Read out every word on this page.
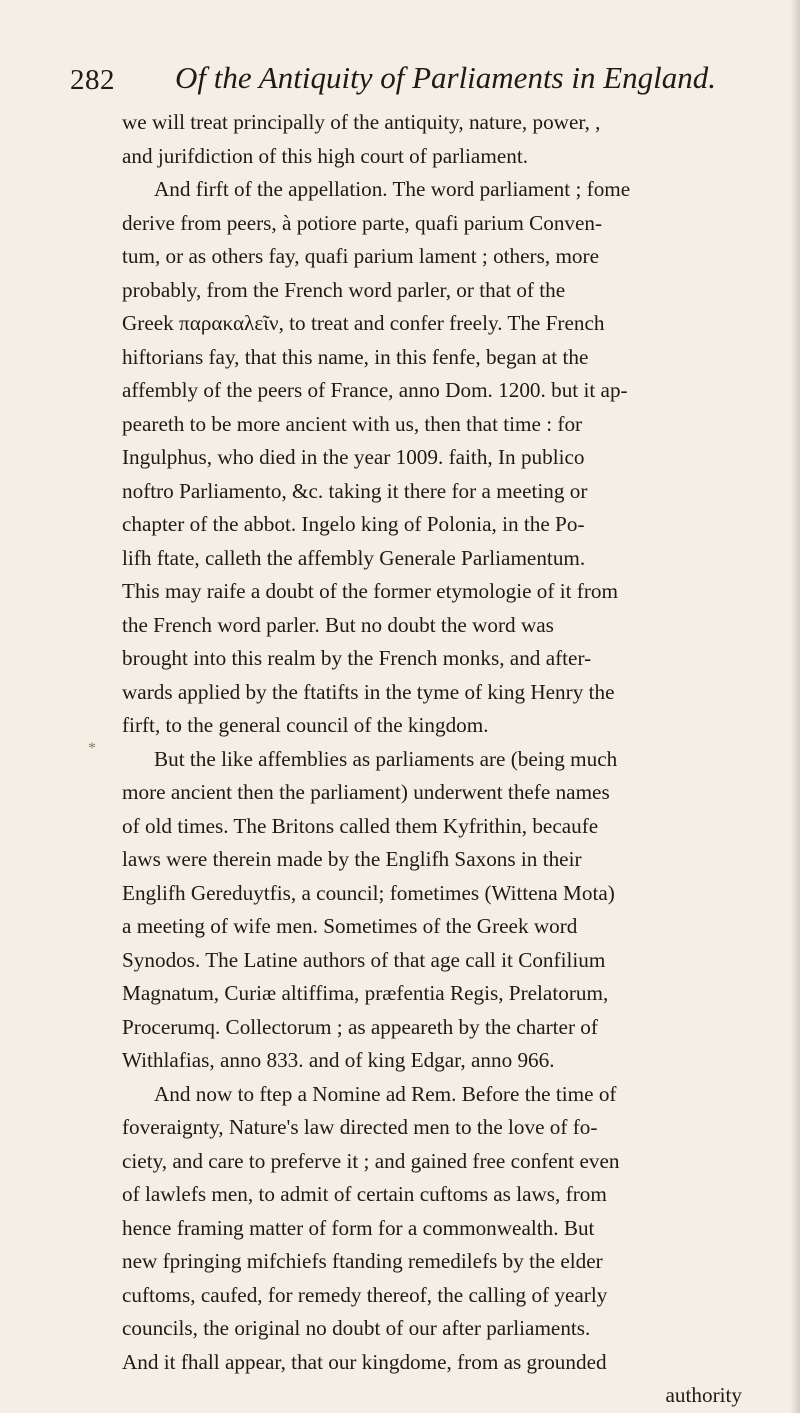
282 Of the Antiquity of Parliaments in England.
*
we will treat principally of the antiquity, nature, power, ,
and jurifdiction of this high court of parliament.
And firft of the appellation. The word parliament ; fome
derive from peers, à potiore parte, quafi parium Conven-
tum, or as others fay, quafi parium lament ; others, more
probably, from the French word parler, or that of the
Greek παρακαλεῖν, to treat and confer freely. The French
hiftorians fay, that this name, in this fenfe, began at the
affembly of the peers of France, anno Dom. 1200. but it ap-
peareth to be more ancient with us, then that time : for
Ingulphus, who died in the year 1009. faith, In publico
noftro Parliamento, &c. taking it there for a meeting or
chapter of the abbot. Ingelo king of Polonia, in the Po-
lifh ftate, calleth the affembly Generale Parliamentum.
This may raife a doubt of the former etymologie of it from
the French word parler. But no doubt the word was
brought into this realm by the French monks, and after-
wards applied by the ftatifts in the tyme of king Henry the
firft, to the general council of the kingdom.
But the like affemblies as parliaments are (being much
more ancient then the parliament) underwent thefe names
of old times. The Britons called them Kyfrithin, becaufe
laws were therein made by the Englifh Saxons in their
Englifh Gereduytfis, a council; fometimes (Wittena Mota)
a meeting of wife men. Sometimes of the Greek word
Synodos. The Latine authors of that age call it Confilium
Magnatum, Curiæ altiffima, præfentia Regis, Prelatorum,
Procerumq. Collectorum ; as appeareth by the charter of
Withlafias, anno 833. and of king Edgar, anno 966.
And now to ftep a Nomine ad Rem. Before the time of
foveraignty, Nature's law directed men to the love of fo-
ciety, and care to preferve it ; and gained free confent even
of lawlefs men, to admit of certain cuftoms as laws, from
hence framing matter of form for a commonwealth. But
new fpringing mifchiefs ftanding remedilefs by the elder
cuftoms, caufed, for remedy thereof, the calling of yearly
councils, the original no doubt of our after parliaments.
And it fhall appear, that our kingdome, from as grounded
authority
